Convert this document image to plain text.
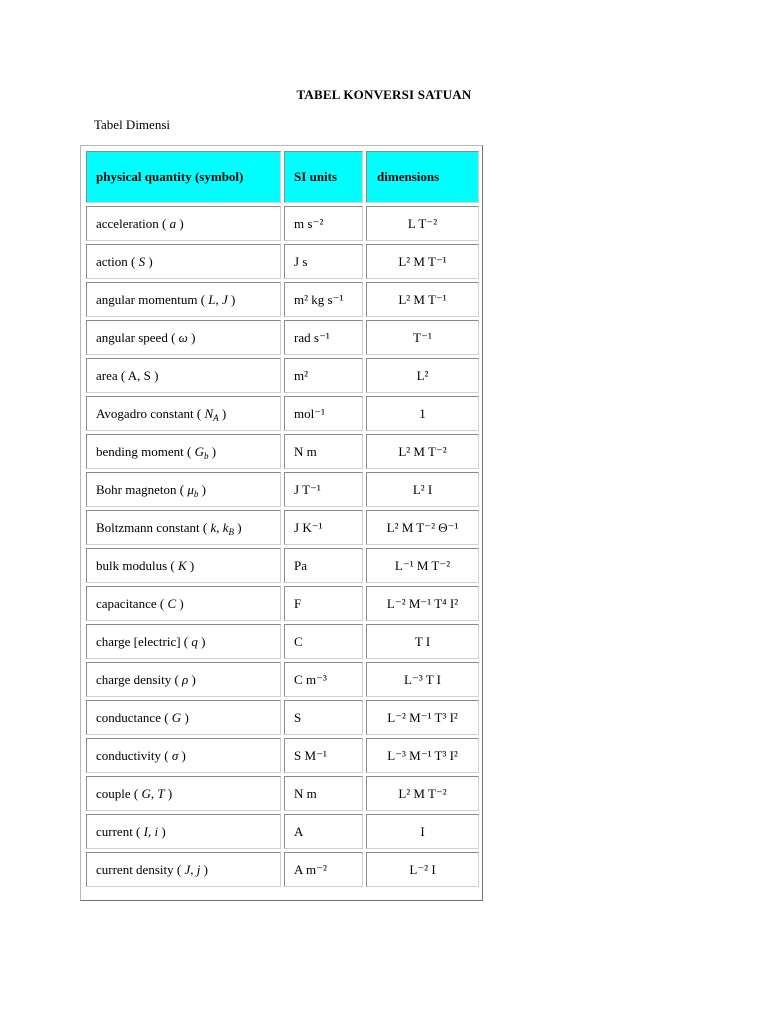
TABEL KONVERSI SATUAN
Tabel Dimensi
physical quantity (symbol)	SI units	dimensions
acceleration ( a )	m s⁻²	L T⁻²
action ( S )	J s	L² M T⁻¹
angular momentum ( L, J )	m² kg s⁻¹	L² M T⁻¹
angular speed ( ω )	rad s⁻¹	T⁻¹
area ( A, S )	m²	L²
Avogadro constant ( $N_A$ )	mol⁻¹	1
bending moment ( $G_b$ )	N m	L² M T⁻²
Bohr magneton ( $\mu_b$ )	J T⁻¹	L² I
Boltzmann constant ( k, $k_B$ )	J K⁻¹	L² M T⁻² Θ⁻¹
bulk modulus ( K )	Pa	L⁻¹ M T⁻²
capacitance ( C )	F	L⁻² M⁻¹ T⁴ I²
charge [electric] ( q )	C	T I
charge density ( ρ )	C m⁻³	L⁻³ T I
conductance ( G )	S	L⁻² M⁻¹ T³ I²
conductivity ( σ )	S M⁻¹	L⁻³ M⁻¹ T³ I²
couple ( G, T )	N m	L² M T⁻²
current ( I, i )	A	I
current density ( J, j )	A m⁻²	L⁻² I
